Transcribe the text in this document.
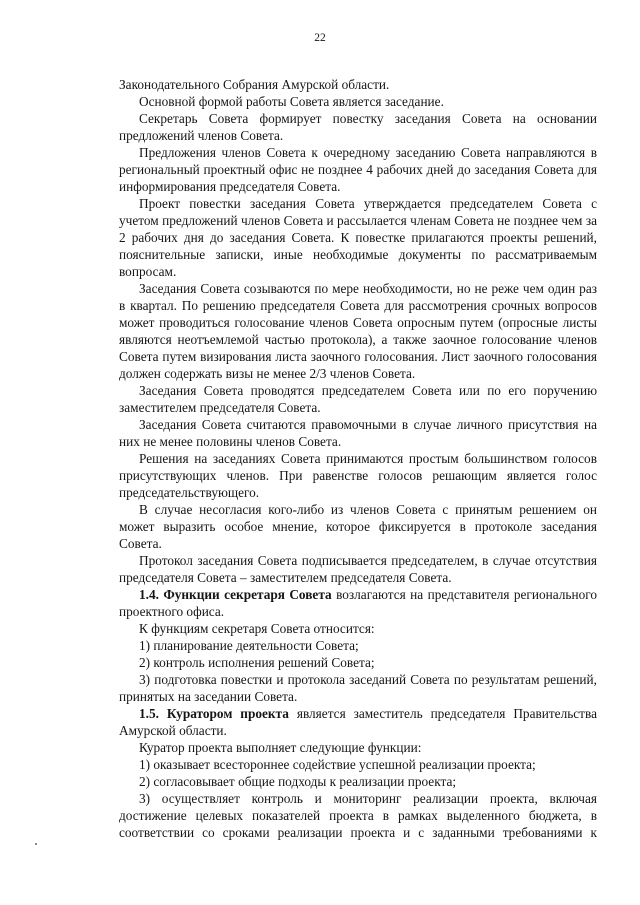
22

Законодательного Собрания Амурской области.

Основной формой работы Совета является заседание.

Секретарь Совета формирует повестку заседания Совета на основании предложений членов Совета.

Предложения членов Совета к очередному заседанию Совета направляются в региональный проектный офис не позднее 4 рабочих дней до заседания Совета для информирования председателя Совета.

Проект повестки заседания Совета утверждается председателем Совета с учетом предложений членов Совета и рассылается членам Совета не позднее чем за 2 рабочих дня до заседания Совета. К повестке прилагаются проекты решений, пояснительные записки, иные необходимые документы по рассматриваемым вопросам.

Заседания Совета созываются по мере необходимости, но не реже чем один раз в квартал. По решению председателя Совета для рассмотрения срочных вопросов может проводиться голосование членов Совета опросным путем (опросные листы являются неотъемлемой частью протокола), а также заочное голосование членов Совета путем визирования листа заочного голосования. Лист заочного голосования должен содержать визы не менее 2/3 членов Совета.

Заседания Совета проводятся председателем Совета или по его поручению заместителем председателя Совета.

Заседания Совета считаются правомочными в случае личного присутствия на них не менее половины членов Совета.

Решения на заседаниях Совета принимаются простым большинством голосов присутствующих членов. При равенстве голосов решающим является голос председательствующего.

В случае несогласия кого-либо из членов Совета с принятым решением он может выразить особое мнение, которое фиксируется в протоколе заседания Совета.

Протокол заседания Совета подписывается председателем, в случае отсутствия председателя Совета – заместителем председателя Совета.

1.4. Функции секретаря Совета возлагаются на представителя регионального проектного офиса.

К функциям секретаря Совета относится:

1) планирование деятельности Совета;

2) контроль исполнения решений Совета;

3) подготовка повестки и протокола заседаний Совета по результатам решений, принятых на заседании Совета.

1.5. Куратором проекта является заместитель председателя Правительства Амурской области.

Куратор проекта выполняет следующие функции:

1) оказывает всестороннее содействие успешной реализации проекта;

2) согласовывает общие подходы к реализации проекта;

3) осуществляет контроль и мониторинг реализации проекта, включая достижение целевых показателей проекта в рамках выделенного бюджета, в соответствии со сроками реализации проекта и с заданными требованиями к
